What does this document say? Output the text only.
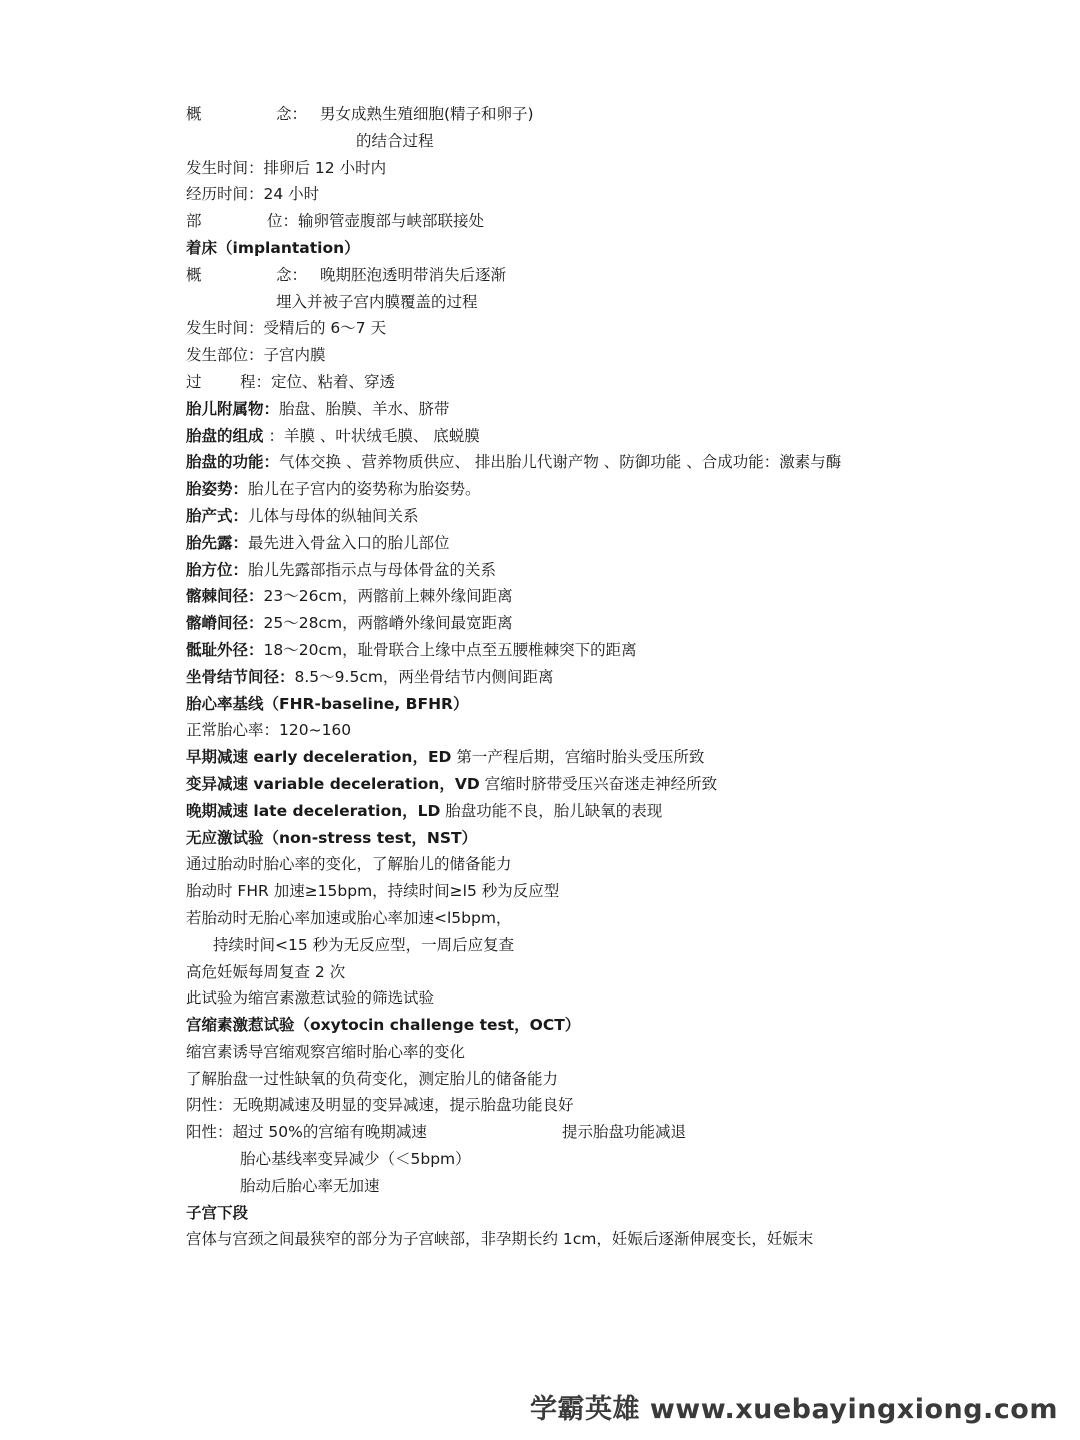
概	念： 男女成熟生殖细胞(精子和卵子)
的结合过程
发生时间：排卵后 12 小时内
经历时间：24 小时
部	位：输卵管壶腹部与峡部联接处
着床（implantation）
概	念： 晚期胚泡透明带消失后逐渐
埋入并被子宫内膜覆盖的过程
发生时间：受精后的 6～7 天
发生部位：子宫内膜
过 程：定位、粘着、穿透
胎儿附属物：胎盘、胎膜、羊水、脐带
胎盘的组成 ：羊膜 、叶状绒毛膜、 底蜕膜
胎盘的功能：气体交换 、营养物质供应、 排出胎儿代谢产物 、防御功能 、合成功能：激素与酶
胎姿势：胎儿在子宫内的姿势称为胎姿势。
胎产式：儿体与母体的纵轴间关系
胎先露：最先进入骨盆入口的胎儿部位
胎方位：胎儿先露部指示点与母体骨盆的关系
髂棘间径：23～26cm，两髂前上棘外缘间距离
髂嵴间径：25～28cm，两髂嵴外缘间最宽距离
骶耻外径：18～20cm，耻骨联合上缘中点至五腰椎棘突下的距离
坐骨结节间径：8.5～9.5cm，两坐骨结节内侧间距离
胎心率基线（FHR-baseline, BFHR）
正常胎心率：120~160
早期减速 early deceleration，ED 第一产程后期，宫缩时胎头受压所致
变异减速 variable deceleration，VD 宫缩时脐带受压兴奋迷走神经所致
晚期减速 late deceleration，LD 胎盘功能不良，胎儿缺氧的表现
无应激试验（non-stress test，NST）
通过胎动时胎心率的变化，了解胎儿的储备能力
胎动时 FHR 加速≥15bpm，持续时间≥l5 秒为反应型
若胎动时无胎心率加速或胎心率加速<l5bpm，
持续时间<15 秒为无反应型，一周后应复查
高危妊娠每周复查 2 次
此试验为缩宫素激惹试验的筛选试验
宫缩素激惹试验（oxytocin challenge test，OCT）
缩宫素诱导宫缩观察宫缩时胎心率的变化
了解胎盘一过性缺氧的负荷变化，测定胎儿的储备能力
阴性：无晚期减速及明显的变异减速，提示胎盘功能良好
阳性：超过 50%的宫缩有晚期减速	提示胎盘功能减退
胎心基线率变异减少（＜5bpm）
胎动后胎心率无加速
子宫下段
宫体与宫颈之间最狭窄的部分为子宫峡部，非孕期长约 1cm，妊娠后逐渐伸展变长，妊娠末
学霸英雄 www.xuebayingxiong.com
